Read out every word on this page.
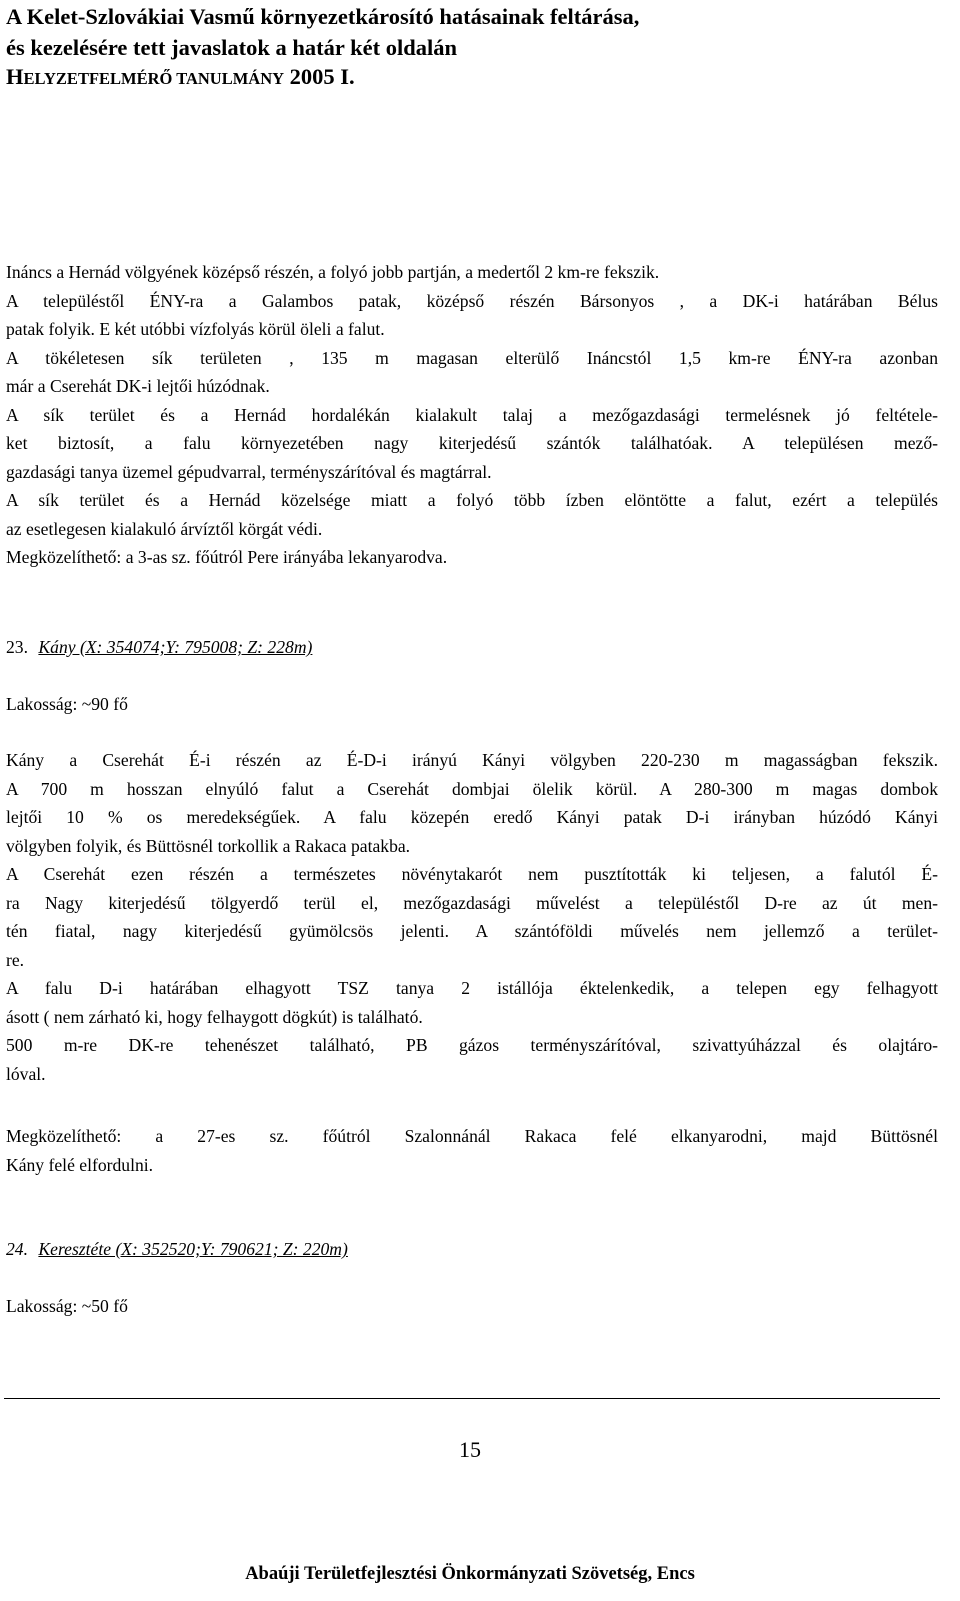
A Kelet-Szlovákiai Vasmű környezetkárosító hatásainak feltárása,

és kezelésére tett javaslatok a határ két oldalán

HELYZETFELMÉRŐ TANULMÁNY 2005 I.

Ináncs a Hernád völgyének középső részén, a folyó jobb partján, a medertől 2 km-re fekszik.
A településtől ÉNY-ra a Galambos patak, középső részén Bársonyos , a DK-i határában Bélus
patak folyik. E két utóbbi vízfolyás körül öleli a falut.
A tökéletesen sík területen , 135 m magasan elterülő Ináncstól 1,5 km-re ÉNY-ra azonban
már a Cserehát DK-i lejtői húzódnak.
A sík terület és a Hernád hordalékán kialakult talaj a mezőgazdasági termelésnek jó feltétele-
ket biztosít, a falu környezetében nagy kiterjedésű szántók találhatóak. A településen mező-
gazdasági tanya üzemel gépudvarral, terményszárítóval és magtárral.
A sík terület és a Hernád közelsége miatt a folyó több ízben elöntötte a falut, ezért a település
az esetlegesen kialakuló árvíztől körgát védi.
Megközelíthető: a 3-as sz. főútról Pere irányába lekanyarodva.
23. Kány (X: 354074;Y: 795008; Z: 228m)
Lakosság: ~90 fő
Kány a Cserehát É-i részén az É-D-i irányú Kányi völgyben 220-230 m magasságban fekszik.
A 700 m hosszan elnyúló falut a Cserehát dombjai ölelik körül. A 280-300 m magas dombok
lejtői 10 % os meredekségűek. A falu közepén eredő Kányi patak D-i irányban húzódó Kányi
völgyben folyik, és Büttösnél torkollik a Rakaca patakba.
A Cserehát ezen részén a természetes növénytakarót nem pusztították ki teljesen, a falutól É-
ra Nagy kiterjedésű tölgyerdő terül el, mezőgazdasági művelést a településtől D-re az út men-
tén fiatal, nagy kiterjedésű gyümölcsös jelenti. A szántóföldi művelés nem jellemző a terület-
re.
A falu D-i határában elhagyott TSZ tanya 2 istállója éktelenkedik, a telepen egy felhagyott
ásott ( nem zárható ki, hogy felhaygott dögkút) is található.
500 m-re DK-re tehenészet található, PB gázos terményszárítóval, szivattyúházzal és olajtáro-
lóval.
Megközelíthető: a 27-es sz. főútról Szalonnánál Rakaca felé elkanyarodni, majd Büttösnél
Kány felé elfordulni.
24. Keresztéte (X: 352520;Y: 790621; Z: 220m)
Lakosság: ~50 fő
15
Abaúji Területfejlesztési Önkormányzati Szövetség, Encs
